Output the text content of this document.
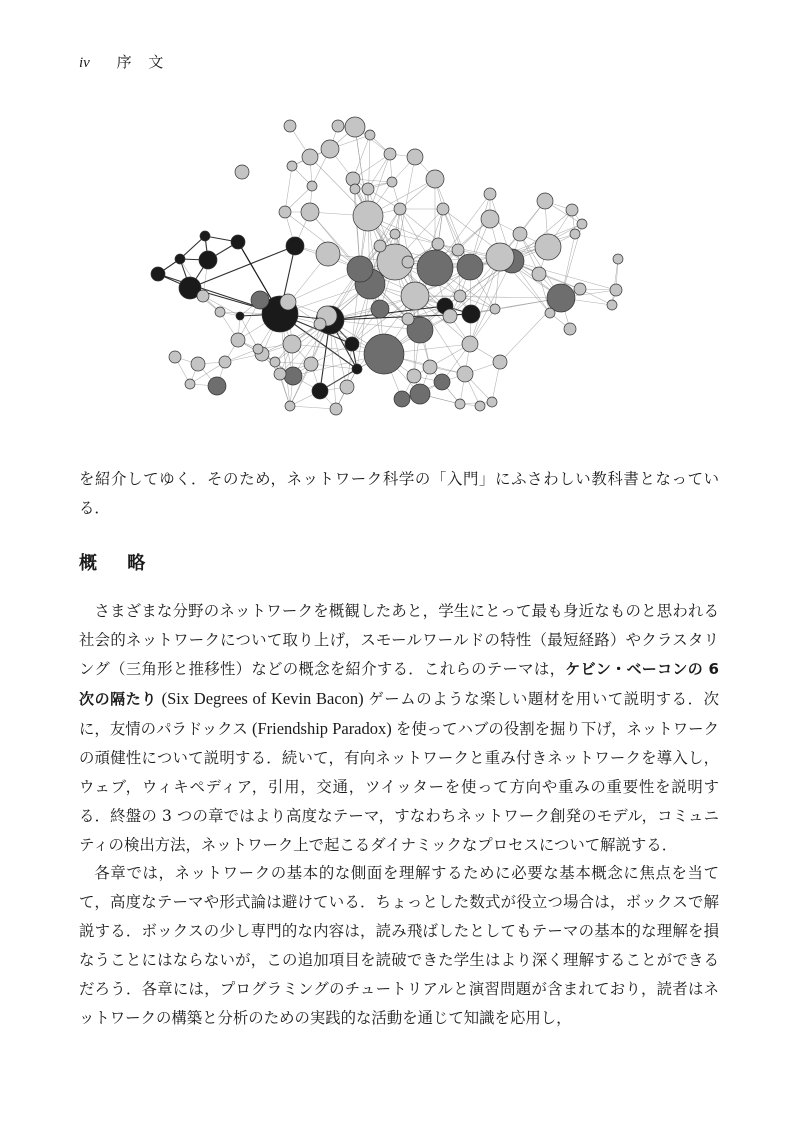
iv 序 文
を紹介してゆく．そのため，ネットワーク科学の「入門」にふさわしい教科書となっている．
概 略
さまざまな分野のネットワークを概観したあと，学生にとって最も身近なものと思われる社会的ネットワークについて取り上げ，スモールワールドの特性（最短経路）やクラスタリング（三角形と推移性）などの概念を紹介する．これらのテーマは，ケビン・ベーコンの 6 次の隔たり (Six Degrees of Kevin Bacon) ゲームのような楽しい題材を用いて説明する．次に，友情のパラドックス (Friendship Paradox) を使ってハブの役割を掘り下げ，ネットワークの頑健性について説明する．続いて，有向ネットワークと重み付きネットワークを導入し，ウェブ，ウィキペディア，引用，交通，ツイッターを使って方向や重みの重要性を説明する．終盤の 3 つの章ではより高度なテーマ，すなわちネットワーク創発のモデル，コミュニティの検出方法，ネットワーク上で起こるダイナミックなプロセスについて解説する．
各章では，ネットワークの基本的な側面を理解するために必要な基本概念に焦点を当てて，高度なテーマや形式論は避けている．ちょっとした数式が役立つ場合は，ボックスで解説する．ボックスの少し専門的な内容は，読み飛ばしたとしてもテーマの基本的な理解を損なうことにはならないが，この追加項目を読破できた学生はより深く理解することができるだろう．各章には，プログラミングのチュートリアルと演習問題が含まれており，読者はネットワークの構築と分析のための実践的な活動を通じて知識を応用し，
